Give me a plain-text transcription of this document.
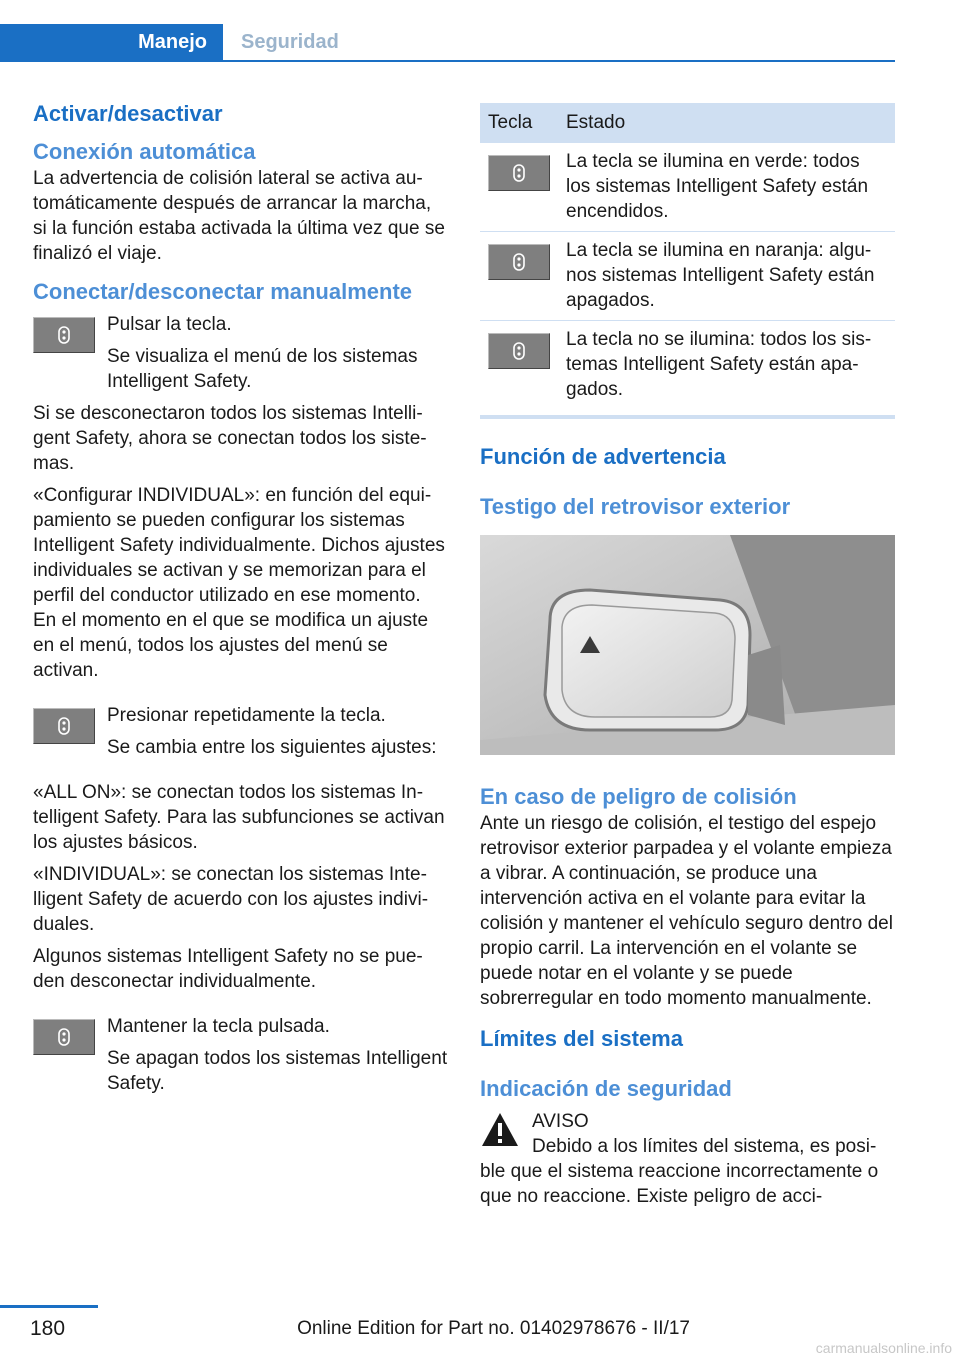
Manejo	Seguridad
Activar/desactivar
Conexión automática

La advertencia de colisión lateral se activa automáticamente después de arrancar la marcha, si la función estaba activada la última vez que se finalizó el viaje.

Conectar/desconectar manualmente

Pulsar la tecla.

Se visualiza el menú de los sistemas Intelligent Safety.

Si se desconectaron todos los sistemas Intelligent Safety, ahora se conectan todos los sistemas.

«Configurar INDIVIDUAL»: en función del equipamiento se pueden configurar los sistemas Intelligent Safety individualmente. Dichos ajustes individuales se activan y se memorizan para el perfil del conductor utilizado en ese momento. En el momento en el que se modifica un ajuste en el menú, todos los ajustes del menú se activan.

Presionar repetidamente la tecla.

Se cambia entre los siguientes ajustes:

«ALL ON»: se conectan todos los sistemas Intelligent Safety. Para las subfunciones se activan los ajustes básicos.

«INDIVIDUAL»: se conectan los sistemas Intelligent Safety de acuerdo con los ajustes individuales.

Algunos sistemas Intelligent Safety no se pueden desconectar individualmente.

Mantener la tecla pulsada.

Se apagan todos los sistemas Intelligent Safety.

Tecla	Estado

	La tecla se ilumina en verde: todos los sistemas Intelligent Safety están encendidos.

	La tecla se ilumina en naranja: algunos sistemas Intelligent Safety están apagados.

	La tecla no se ilumina: todos los sistemas Intelligent Safety están apagados.
Función de advertencia
Testigo del retrovisor exterior
En caso de peligro de colisión

Ante un riesgo de colisión, el testigo del espejo retrovisor exterior parpadea y el volante empieza a vibrar. A continuación, se produce una intervención activa en el volante para evitar la colisión y mantener el vehículo seguro dentro del propio carril. La intervención en el volante se puede notar en el volante y se puede sobrerregular en todo momento manualmente.

Límites del sistema
Indicación de seguridad

AVISO

Debido a los límites del sistema, es posible que el sistema reaccione incorrectamente o que no reaccione. Existe peligro de acci-

180	Online Edition for Part no. 01402978676 - II/17
carmanualsonline.info
